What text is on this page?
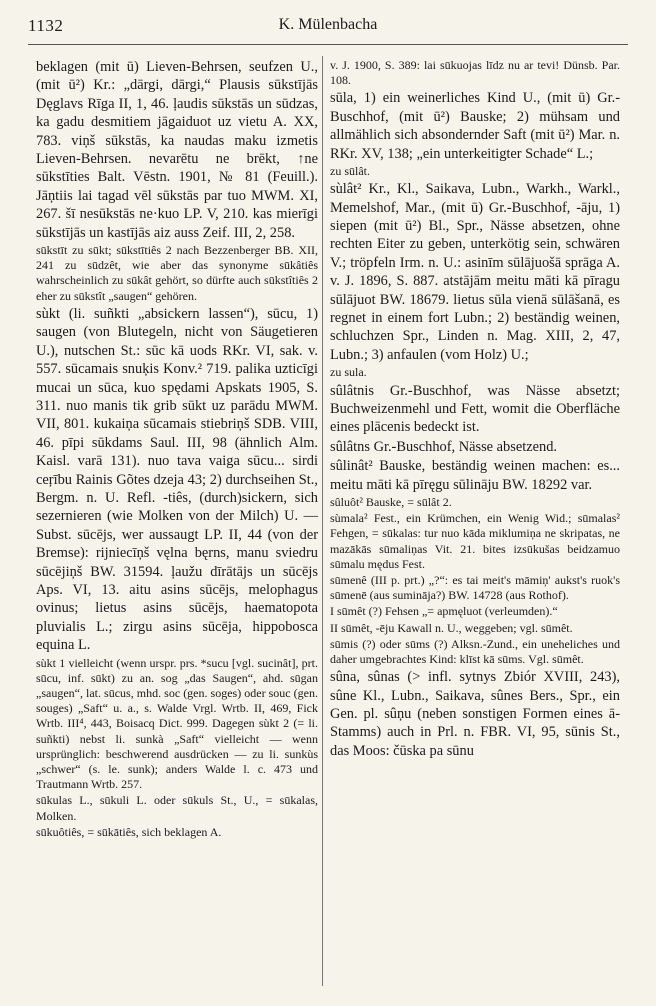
1132	K. Mülenbacha

beklagen (mit ū) Lieven-Behrsen, seufzen U., (mit ū²) Kr.: „dārgi, dārgi,“ Plausis sūkstījās Dęglavs Rīga II, 1, 46. ļaudis sūkstās un sūdzas, ka gadu desmitiem jāgaiduot uz vietu A. XX, 783. viņš sūkstās, ka naudas maku izmetis Lieven-Behrsen. nevarētu ne brēkt, ↑ne sūkstīties Balt. Vēstn. 1901, № 81 (Feuill.). Jāņtiis lai tagad vēl sūkstās par tuo MWM. XI, 267. šī nesūkstās ne·kuo LP. V, 210. kas mierīgi sūkstījās un kastījās aiz auss Zeif. III, 2, 258.

sūkstīt zu sūkt; sūkstītiês 2 nach Bezzenberger BB. XII, 241 zu sūdzêt, wie aber das synonyme sūkâtiês wahrscheinlich zu sūkât gehört, so dürfte auch sūkstîtiês 2 eher zu sūkstît „saugen“ gehören.

sùkt (li. suñkti „absickern lassen“), sūcu, 1) saugen (von Blutegeln, nicht von Säugetieren U.), nutschen St.: sūc kā uods RKr. VI, sak. v. 557. sūcamais snuķis Konv.² 719. palika uzticīgi mucai un sūca, kuo spędami Apskats 1905, S. 311. nuo manis tik grib sūkt uz parādu MWM. VII, 801. kukaiņa sūcamais stiebriņš SDB. VIII, 46. pīpi sūkdams Saul. III, 98 (ähnlich Alm. Kaisl. varā 131). nuo tava vaiga sūcu... sirdi ceŗību Rainis Gõtes dzeja 43; 2) durchseihen St., Bergm. n. U. Refl. -tiês, (durch)sickern, sich sezernieren (wie Molken von der Milch) U. — Subst. sūcējs, wer aussaugt LP. II, 44 (von der Bremse): rijniecīņš vęlna bęrns, manu sviedru sūcējiņš BW. 31594. ļaužu dīrātājs un sūcējs Aps. VI, 13. aitu asins sūcējs, melophagus ovinus; lietus asins sūcējs, haematopota pluvialis L.; zirgu asins sūcēja, hippobosca equina L.

sùkt 1 vielleicht (wenn urspr. prs. *sucu [vgl. sucinât], prt. sūcu, inf. sūkt) zu an. sog „das Saugen“, ahd. sūgan „saugen“, lat. sūcus, mhd. soc (gen. soges) oder souc (gen. souges) „Saft“ u. a., s. Walde Vrgl. Wrtb. II, 469, Fick Wrtb. III⁴, 443, Boisacq Dict. 999. Dagegen sùkt 2 (= li. suñkti) nebst li. sunkà „Saft“ vielleicht — wenn ursprünglich: beschwerend ausdrücken — zu li. sunkùs „schwer“ (s. le. sunk); anders Walde l. c. 473 und Trautmann Wrtb. 257.

sūkulas L., sūkuli L. oder sūkuls St., U., = sūkalas, Molken.

sūkuôtiês, = sūkātiês, sich beklagen A.

v. J. 1900, S. 389: lai sūkuojas līdz nu ar tevi! Dünsb. Par. 108.

sūla, 1) ein weinerliches Kind U., (mit ū) Gr.-Buschhof, (mit ū²) Bauske; 2) mühsam und allmählich sich absondernder Saft (mit ū²) Mar. n. RKr. XV, 138; „ein unterkeitigter Schade“ L.;

zu sūlât.

sùlât² Kr., Kl., Saikava, Lubn., Warkh., Warkl., Memelshof, Mar., (mit ū) Gr.-Buschhof, -āju, 1) siepen (mit ū²) Bl., Spr., Nässe absetzen, ohne rechten Eiter zu geben, unterkötig sein, schwären V.; tröpfeln Irm. n. U.: asinīm sūlājuošā sprāga A. v. J. 1896, S. 887. atstājām meitu māti kā pīragu sūlājuot BW. 18679. lietus sūla vienā sūlāšanā, es regnet in einem fort Lubn.; 2) beständig weinen, schluchzen Spr., Linden n. Mag. XIII, 2, 47, Lubn.; 3) anfaulen (vom Holz) U.;

zu sula.

sûlâtnis Gr.-Buschhof, was Nässe absetzt; Buchweizenmehl und Fett, womit die Oberfläche eines plācenis bedeckt ist.

sûlâtns Gr.-Buschhof, Nässe absetzend.

sûlinât² Bauske, beständig weinen machen: es... meitu māti kā pīręgu sūlināju BW. 18292 var.

sûluôt² Bauske, = sūlât 2.

sùmala² Fest., ein Krümchen, ein Wenig Wid.; sūmalas² Fehgen, = sūkalas: tur nuo kāda miklumiņa ne skripatas, ne mazākās sūmaliņas Vit. 21. bites izsūkušas beidzamuo sūmalu mędus Fest.

sūmenê (III p. prt.) „?“: es tai meit's māmiņ' aukst's ruok's sūmenē (aus sumināja?) BW. 14728 (aus Rothof).

I sūmêt (?) Fehsen „= apmęluot (verleumden).“

II sūmêt, -ēju Kawall n. U., weggeben; vgl. sūmêt.

sūmis (?) oder sūms (?) Alksn.-Zund., ein uneheliches und daher umgebrachtes Kind: klīst kā sūms. Vgl. sūmêt.

sûna, sûnas (> infl. sytnys Zbiór XVIII, 243), sûne Kl., Lubn., Saikava, sûnes Bers., Spr., ein Gen. pl. sûņu (neben sonstigen Formen eines ā-Stamms) auch in Prl. n. FBR. VI, 95, sūnis St., das Moos: čūska pa sūnu
